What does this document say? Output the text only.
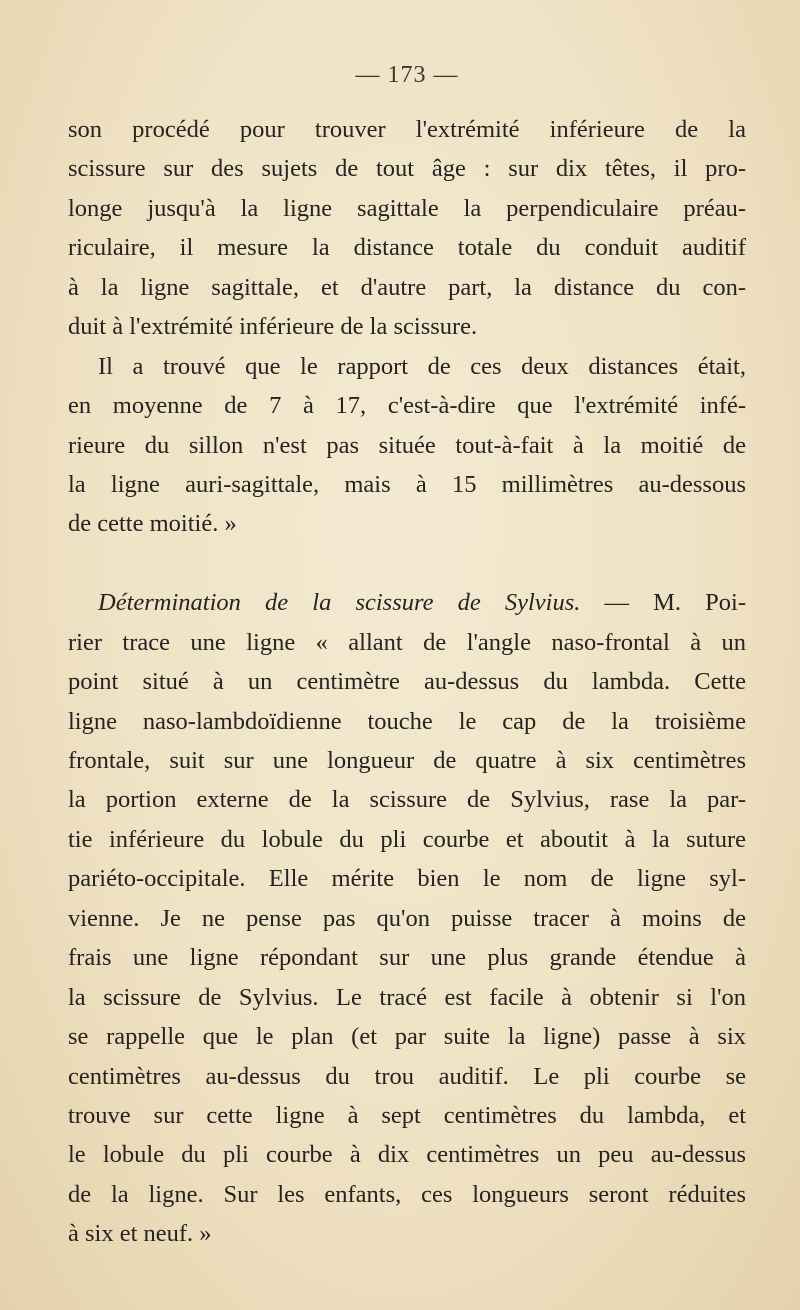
— 173 —
son procédé pour trouver l'extrémité inférieure de la
scissure sur des sujets de tout âge : sur dix têtes, il pro-
longe jusqu'à la ligne sagittale la perpendiculaire préau-
riculaire, il mesure la distance totale du conduit auditif
à la ligne sagittale, et d'autre part, la distance du con-
duit à l'extrémité inférieure de la scissure.
Il a trouvé que le rapport de ces deux distances était,
en moyenne de 7 à 17, c'est-à-dire que l'extrémité infé-
rieure du sillon n'est pas située tout-à-fait à la moitié de
la ligne auri-sagittale, mais à 15 millimètres au-dessous
de cette moitié. »
Détermination de la scissure de Sylvius. — M. Poi-
rier trace une ligne « allant de l'angle naso-frontal à un
point situé à un centimètre au-dessus du lambda. Cette
ligne naso-lambdoïdienne touche le cap de la troisième
frontale, suit sur une longueur de quatre à six centimètres
la portion externe de la scissure de Sylvius, rase la par-
tie inférieure du lobule du pli courbe et aboutit à la suture
pariéto-occipitale. Elle mérite bien le nom de ligne syl-
vienne. Je ne pense pas qu'on puisse tracer à moins de
frais une ligne répondant sur une plus grande étendue à
la scissure de Sylvius. Le tracé est facile à obtenir si l'on
se rappelle que le plan (et par suite la ligne) passe à six
centimètres au-dessus du trou auditif. Le pli courbe se
trouve sur cette ligne à sept centimètres du lambda, et
le lobule du pli courbe à dix centimètres un peu au-dessus
de la ligne. Sur les enfants, ces longueurs seront réduites
à six et neuf. »
